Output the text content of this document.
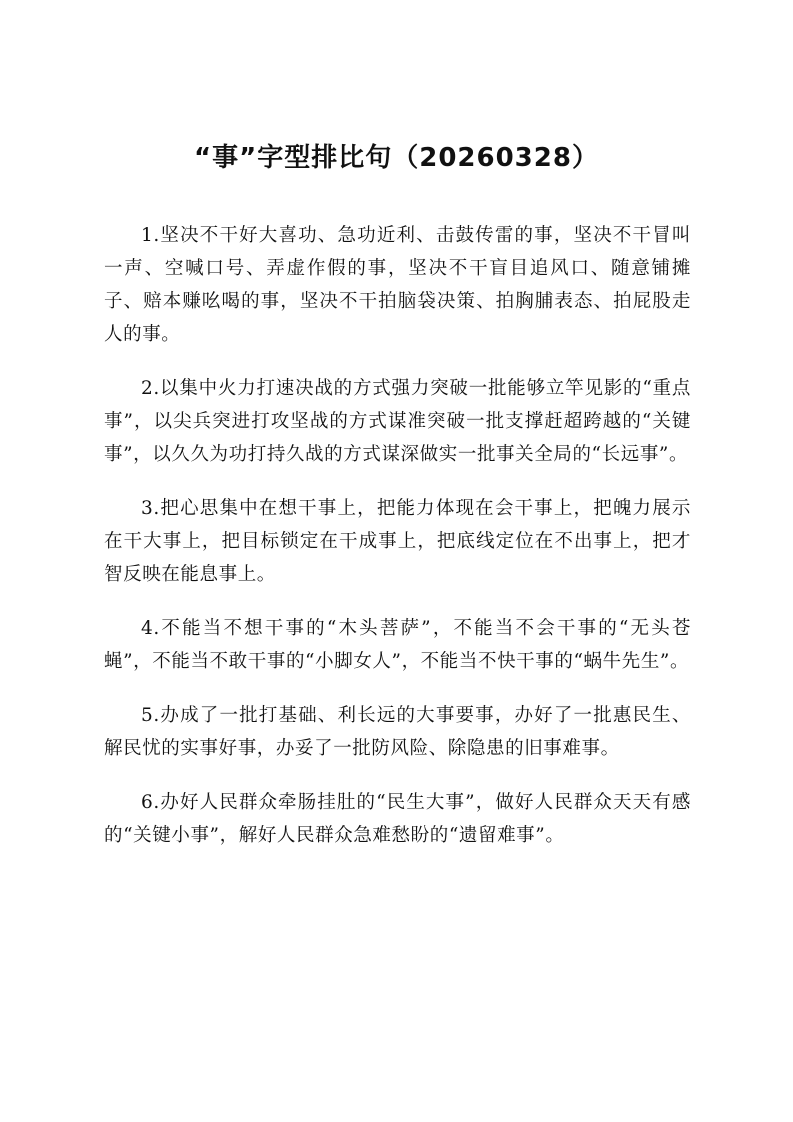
“事”字型排比句（20260328）

1.坚决不干好大喜功、急功近利、击鼓传雷的事，坚决不干冒叫一声、空喊口号、弄虚作假的事，坚决不干盲目追风口、随意铺摊子、赔本赚吆喝的事，坚决不干拍脑袋决策、拍胸脯表态、拍屁股走人的事。

2.以集中火力打速决战的方式强力突破一批能够立竿见影的“重点事”，以尖兵突进打攻坚战的方式谋准突破一批支撑赶超跨越的“关键事”，以久久为功打持久战的方式谋深做实一批事关全局的“长远事”。

3.把心思集中在想干事上，把能力体现在会干事上，把魄力展示在干大事上，把目标锁定在干成事上，把底线定位在不出事上，把才智反映在能息事上。

4.不能当不想干事的“木头菩萨”，不能当不会干事的“无头苍蝇”，不能当不敢干事的“小脚女人”，不能当不快干事的“蜗牛先生”。

5.办成了一批打基础、利长远的大事要事，办好了一批惠民生、解民忧的实事好事，办妥了一批防风险、除隐患的旧事难事。

6.办好人民群众牵肠挂肚的“民生大事”，做好人民群众天天有感的“关键小事”，解好人民群众急难愁盼的“遗留难事”。
